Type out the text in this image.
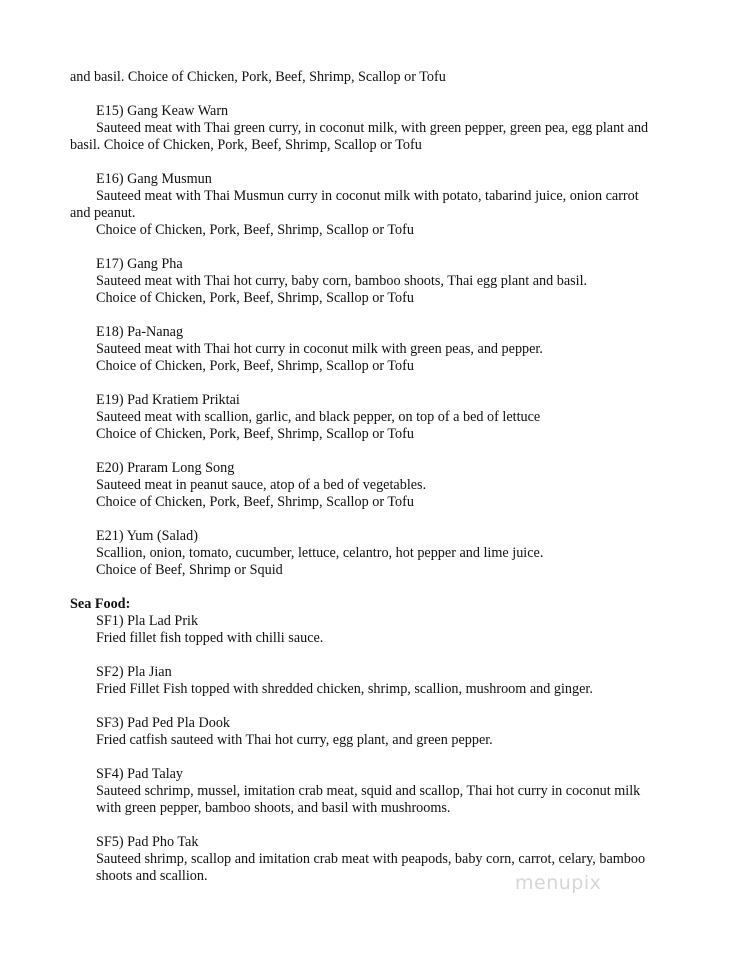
and basil. Choice of Chicken, Pork, Beef, Shrimp, Scallop or Tofu
E15) Gang Keaw Warn
Sauteed meat with Thai green curry, in coconut milk, with green pepper, green pea, egg plant and
basil. Choice of Chicken, Pork, Beef, Shrimp, Scallop or Tofu
E16) Gang Musmun
Sauteed meat with Thai Musmun curry in coconut milk with potato, tabarind juice, onion carrot
and peanut.
Choice of Chicken, Pork, Beef, Shrimp, Scallop or Tofu
E17) Gang Pha
Sauteed meat with Thai hot curry, baby corn, bamboo shoots, Thai egg plant and basil.
Choice of Chicken, Pork, Beef, Shrimp, Scallop or Tofu
E18) Pa-Nanag
Sauteed meat with Thai hot curry in coconut milk with green peas, and pepper.
Choice of Chicken, Pork, Beef, Shrimp, Scallop or Tofu
E19) Pad Kratiem Priktai
Sauteed meat with scallion, garlic, and black pepper, on top of a bed of lettuce
Choice of Chicken, Pork, Beef, Shrimp, Scallop or Tofu
E20) Praram Long Song
Sauteed meat in peanut sauce, atop of a bed of vegetables.
Choice of Chicken, Pork, Beef, Shrimp, Scallop or Tofu
E21) Yum (Salad)
Scallion, onion, tomato, cucumber, lettuce, celantro, hot pepper and lime juice.
Choice of Beef, Shrimp or Squid
Sea Food:
SF1) Pla Lad Prik
Fried fillet fish topped with chilli sauce.
SF2) Pla Jian
Fried Fillet Fish topped with shredded chicken, shrimp, scallion, mushroom and ginger.
SF3) Pad Ped Pla Dook
Fried catfish sauteed with Thai hot curry, egg plant, and green pepper.
SF4) Pad Talay
Sauteed schrimp, mussel, imitation crab meat, squid and scallop, Thai hot curry in coconut milk
with green pepper, bamboo shoots, and basil with mushrooms.
SF5) Pad Pho Tak
Sauteed shrimp, scallop and imitation crab meat with peapods, baby corn, carrot, celary, bamboo
shoots and scallion.	menupix
